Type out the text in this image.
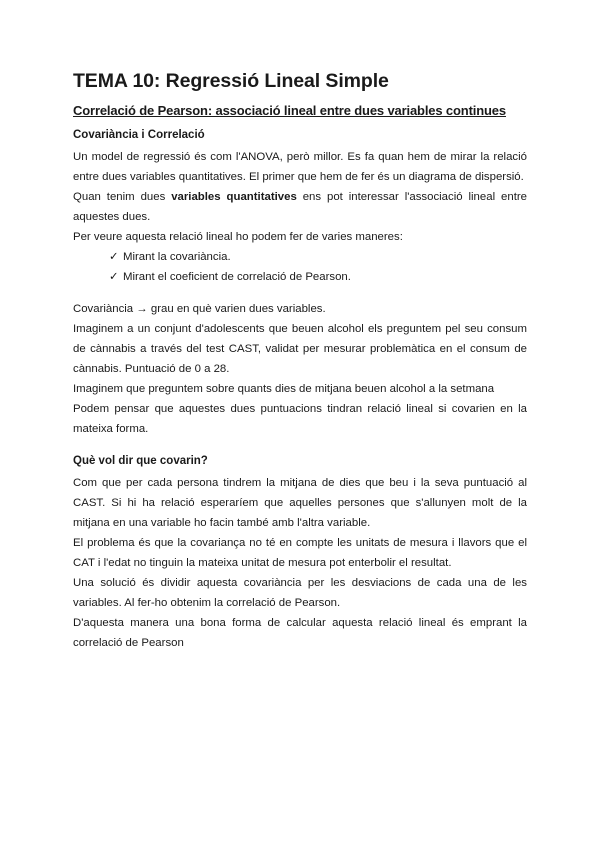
TEMA 10: Regressió Lineal Simple
Correlació de Pearson: associació lineal entre dues variables continues
Covariància i Correlació

Un model de regressió és com l'ANOVA, però millor. Es fa quan hem de mirar la relació entre dues variables quantitatives. El primer que hem de fer és un diagrama de dispersió.

Quan tenim dues variables quantitatives ens pot interessar l'associació lineal entre aquestes dues.

Per veure aquesta relació lineal ho podem fer de varies maneres:

✓ Mirant la covariància.
✓ Mirant el coeficient de correlació de Pearson.

Covariància → grau en què varien dues variables.

Imaginem a un conjunt d'adolescents que beuen alcohol els preguntem pel seu consum de cànnabis a través del test CAST, validat per mesurar problemàtica en el consum de cànnabis. Puntuació de 0 a 28.

Imaginem que preguntem sobre quants dies de mitjana beuen alcohol a la setmana

Podem pensar que aquestes dues puntuacions tindran relació lineal si covarien en la mateixa forma.

Què vol dir que covarin?

Com que per cada persona tindrem la mitjana de dies que beu i la seva puntuació al CAST. Si hi ha relació esperaríem que aquelles persones que s'allunyen molt de la mitjana en una variable ho facin també amb l'altra variable.

El problema és que la covariança no té en compte les unitats de mesura i llavors que el CAT i l'edat no tinguin la mateixa unitat de mesura pot enterbolir el resultat.

Una solució és dividir aquesta covariància per les desviacions de cada una de les variables. Al fer-ho obtenim la correlació de Pearson.

D'aquesta manera una bona forma de calcular aquesta relació lineal és emprant la correlació de Pearson
